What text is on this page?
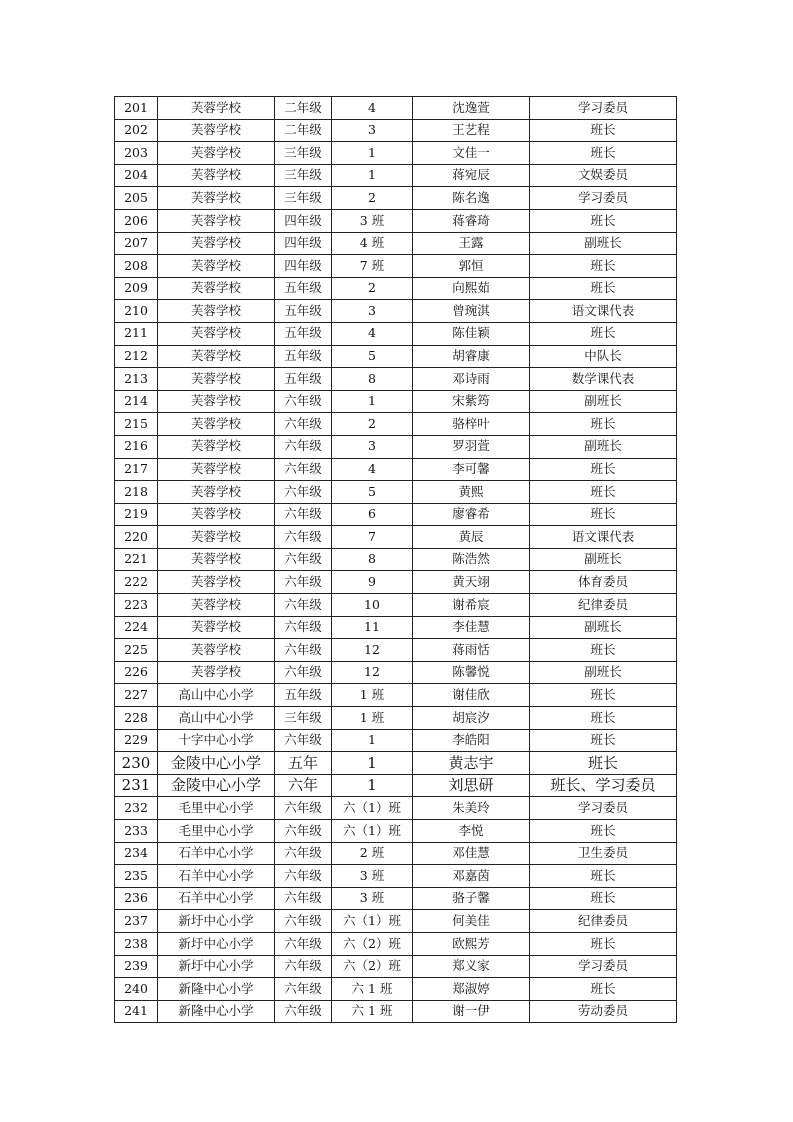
201	芙蓉学校	二年级	4	沈逸萱	学习委员
202	芙蓉学校	二年级	3	王艺程	班长
203	芙蓉学校	三年级	1	文佳一	班长
204	芙蓉学校	三年级	1	蒋宛辰	文娱委员
205	芙蓉学校	三年级	2	陈名逸	学习委员
206	芙蓉学校	四年级	3 班	蒋睿琦	班长
207	芙蓉学校	四年级	4 班	王露	副班长
208	芙蓉学校	四年级	7 班	郭恒	班长
209	芙蓉学校	五年级	2	向熙茹	班长
210	芙蓉学校	五年级	3	曾琬淇	语文课代表
211	芙蓉学校	五年级	4	陈佳颖	班长
212	芙蓉学校	五年级	5	胡睿康	中队长
213	芙蓉学校	五年级	8	邓诗雨	数学课代表
214	芙蓉学校	六年级	1	宋紫筠	副班长
215	芙蓉学校	六年级	2	骆梓叶	班长
216	芙蓉学校	六年级	3	罗羽萱	副班长
217	芙蓉学校	六年级	4	李可馨	班长
218	芙蓉学校	六年级	5	黄熙	班长
219	芙蓉学校	六年级	6	廖睿希	班长
220	芙蓉学校	六年级	7	黄辰	语文课代表
221	芙蓉学校	六年级	8	陈浩然	副班长
222	芙蓉学校	六年级	9	黄天翊	体育委员
223	芙蓉学校	六年级	10	谢希宸	纪律委员
224	芙蓉学校	六年级	11	李佳慧	副班长
225	芙蓉学校	六年级	12	蒋雨恬	班长
226	芙蓉学校	六年级	12	陈馨悦	副班长
227	高山中心小学	五年级	1 班	谢佳欣	班长
228	高山中心小学	三年级	1 班	胡宸汐	班长
229	十字中心小学	六年级	1	李皓阳	班长
230	金陵中心小学	五年	1	黄志宇	班长
231	金陵中心小学	六年	1	刘思研	班长、学习委员
232	毛里中心小学	六年级	六（1）班	朱美玲	学习委员
233	毛里中心小学	六年级	六（1）班	李悦	班长
234	石羊中心小学	六年级	2 班	邓佳慧	卫生委员
235	石羊中心小学	六年级	3 班	邓嘉茵	班长
236	石羊中心小学	六年级	3 班	骆子馨	班长
237	新圩中心小学	六年级	六（1）班	何美佳	纪律委员
238	新圩中心小学	六年级	六（2）班	欧熙芳	班长
239	新圩中心小学	六年级	六（2）班	郑义家	学习委员
240	新隆中心小学	六年级	六 1 班	郑淑婷	班长
241	新隆中心小学	六年级	六 1 班	谢一伊	劳动委员
